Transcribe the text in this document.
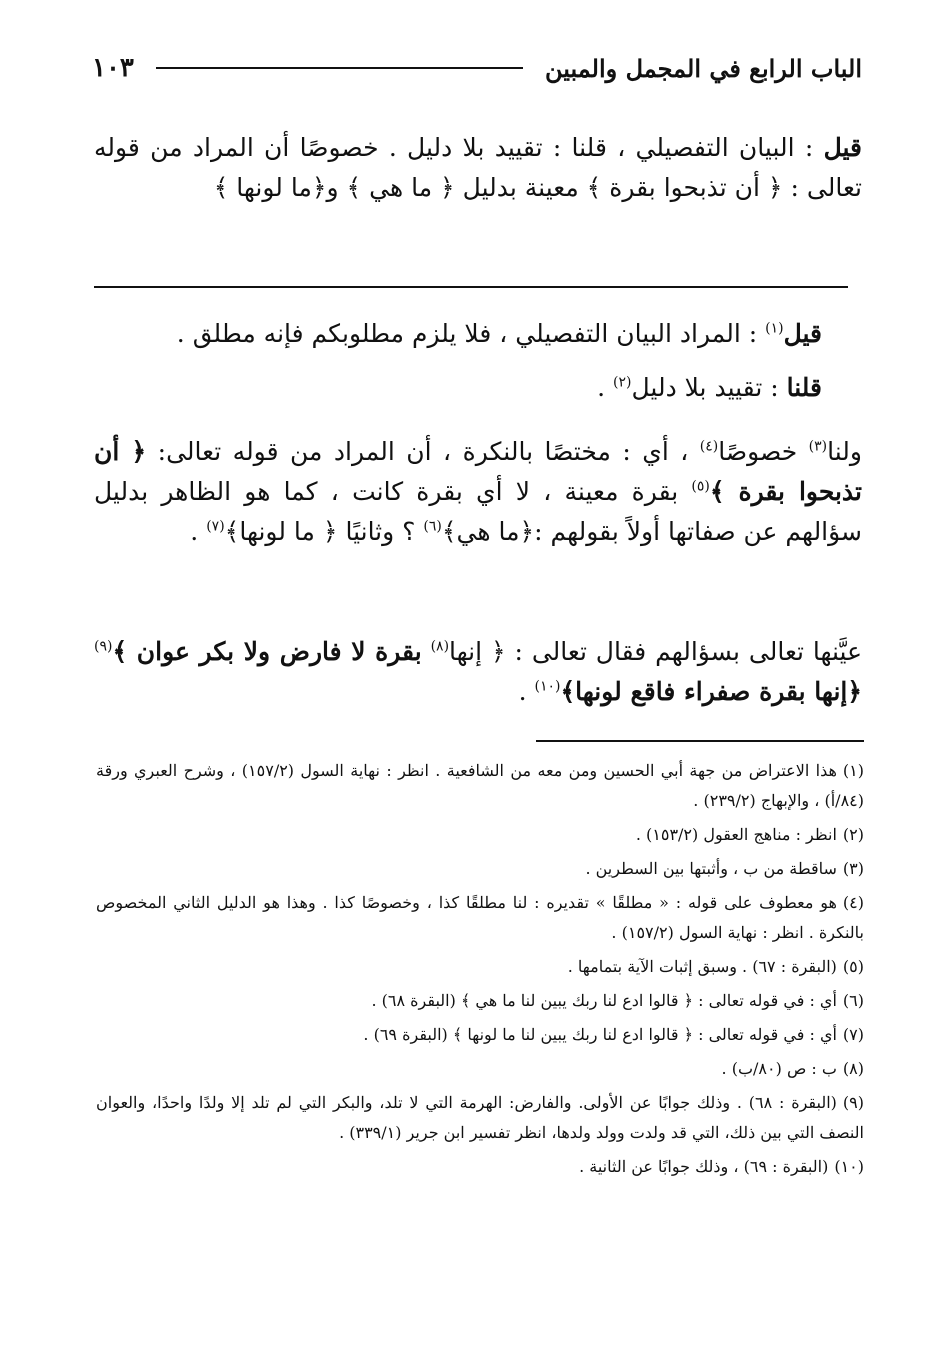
الباب الرابع في المجمل والمبين
١٠٣

قيل : البيان التفصيلي ، قلنا : تقييد بلا دليل . خصوصًا أن المراد من قوله تعالى : ﴿ أن تذبحوا بقرة ﴾ معينة بدليل ﴿ ما هي ﴾ و﴿ما لونها ﴾

قيل$^{(١)}$ : المراد البيان التفصيلي ، فلا يلزم مطلوبكم فإنه مطلق .

قلنا : تقييد بلا دليل$^{(٢)}$ .

ولنا$^{(٣)}$ خصوصًا$^{(٤)}$ ، أي : مختصًا بالنكرة ، أن المراد من قوله تعالى: ﴿ أن تذبحوا بقرة ﴾$^{(٥)}$ بقرة معينة ، لا أي بقرة كانت ، كما هو الظاهر بدليل سؤالهم عن صفاتها أولاً بقولهم :﴿ما هي﴾$^{(٦)}$ ؟ وثانيًا ﴿ ما لونها﴾$^{(٧)}$ .

عيَّنها تعالى بسؤالهم فقال تعالى : ﴿ إنها$^{(٨)}$ بقرة لا فارض ولا بكر عوان ﴾$^{(٩)}$ ﴿إنها بقرة صفراء فاقع لونها﴾$^{(١٠)}$ .

(١)هذا الاعتراض من جهة أبي الحسين ومن معه من الشافعية . انظر : نهاية السول (١٥٧/٢) ، وشرح العبري ورقة (٨٤/أ) ، والإبهاج (٢٣٩/٢) .

(٢)انظر : مناهج العقول (١٥٣/٢) .

(٣)ساقطة من ب ، وأثبتها بين السطرين .

(٤)هو معطوف على قوله : « مطلقًا » تقديره : لنا مطلقًا كذا ، وخصوصًا كذا . وهذا هو الدليل الثاني المخصوص بالنكرة . انظر : نهاية السول (١٥٧/٢) .

(٥)(البقرة : ٦٧) . وسبق إثبات الآية بتمامها .

(٦)أي : في قوله تعالى : ﴿ قالوا ادع لنا ربك يبين لنا ما هي ﴾ (البقرة ٦٨) .

(٧)أي : في قوله تعالى : ﴿ قالوا ادع لنا ربك يبين لنا ما لونها ﴾ (البقرة ٦٩) .

(٨)ب : ص (٨٠/ب) .

(٩)(البقرة : ٦٨) . وذلك جوابًا عن الأولى. والفارض: الهرمة التي لا تلد، والبكر التي لم تلد إلا ولدًا واحدًا، والعوان النصف التي بين ذلك، التي قد ولدت وولد ولدها، انظر تفسير ابن جرير (٣٣٩/١) .

(١٠)(البقرة : ٦٩) ، وذلك جوابًا عن الثانية .
